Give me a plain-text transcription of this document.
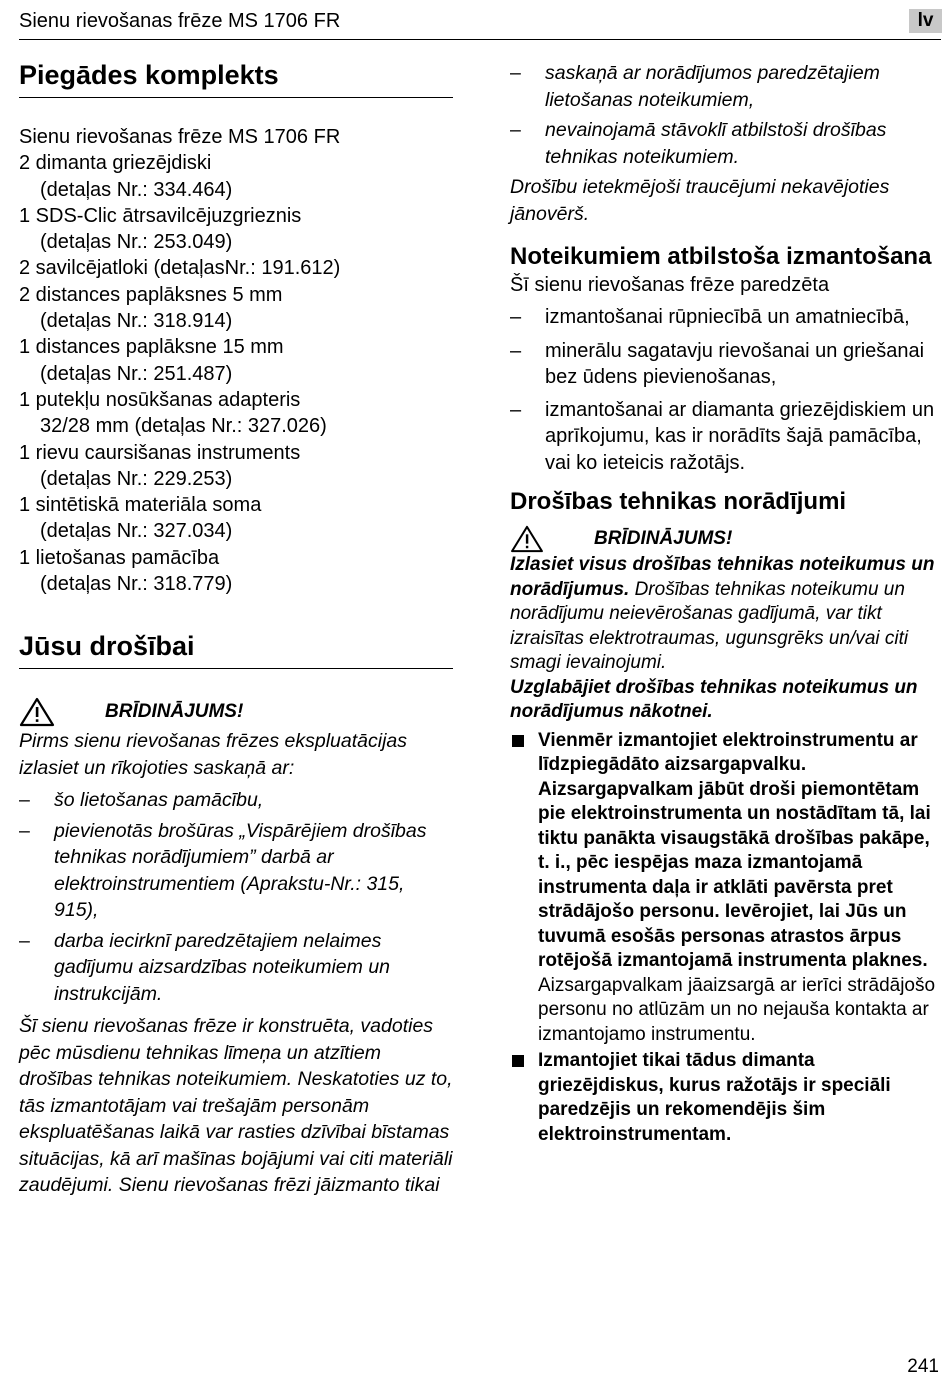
Sienu rievošanas frēze MS 1706 FR	lv
Piegādes komplekts
Sienu rievošanas frēze MS 1706 FR
2 dimanta griezējdiski
(detaļas Nr.: 334.464)
1 SDS-Clic ātrsavilcējuzgrieznis
(detaļas Nr.: 253.049)
2 savilcējatloki (detaļasNr.: 191.612)
2 distances paplāksnes 5 mm
(detaļas Nr.: 318.914)
1 distances paplāksne 15 mm
(detaļas Nr.: 251.487)
1 putekļu nosūkšanas adapteris
32/28 mm (detaļas Nr.: 327.026)
1 rievu caursišanas instruments
(detaļas Nr.: 229.253)
1 sintētiskā materiāla soma
(detaļas Nr.: 327.034)
1 lietošanas pamācība
(detaļas Nr.: 318.779)
Jūsu drošībai
BRĪDINĀJUMS!
Pirms sienu rievošanas frēzes ekspluatācijas izlasiet un rīkojoties saskaņā ar:
– šo lietošanas pamācību,
– pievienotās brošūras „Vispārējiem drošības tehnikas norādījumiem” darbā ar elektroinstrumentiem (Aprakstu-Nr.: 315, 915),
– darba iecirknī paredzētajiem nelaimes gadījumu aizsardzības noteikumiem un instrukcijām.
Šī sienu rievošanas frēze ir konstruēta, vadoties pēc mūsdienu tehnikas līmeņa un atzītiem drošības tehnikas noteikumiem. Neskatoties uz to, tās izmantotājam vai trešajām personām ekspluatēšanas laikā var rasties dzīvībai bīstamas situācijas, kā arī mašīnas bojājumi vai citi materiāli zaudējumi. Sienu rievošanas frēzi jāizmanto tikai
– saskaņā ar norādījumos paredzētajiem lietošanas noteikumiem,
– nevainojamā stāvoklī atbilstoši drošības tehnikas noteikumiem.
Drošību ietekmējoši traucējumi nekavējoties jānovērš.
Noteikumiem atbilstoša izmantošana
Šī sienu rievošanas frēze paredzēta
– izmantošanai rūpniecībā un amatniecībā,
– minerālu sagatavju rievošanai un griešanai bez ūdens pievienošanas,
– izmantošanai ar diamanta griezējdiskiem un aprīkojumu, kas ir norādīts šajā pamācība, vai ko ieteicis ražotājs.
Drošības tehnikas norādījumi
BRĪDINĀJUMS!
Izlasiet visus drošības tehnikas noteikumus un norādījumus. Drošības tehnikas noteikumu un norādījumu neievērošanas gadījumā, var tikt izraisītas elektrotraumas, ugunsgrēks un/vai citi smagi ievainojumi.
Uzglabājiet drošības tehnikas noteikumus un norādījumus nākotnei.
Vienmēr izmantojiet elektroinstrumentu ar līdzpiegādāto aizsargapvalku. Aizsargapvalkam jābūt droši piemontētam pie elektroinstrumenta un nostādītam tā, lai tiktu panākta visaugstākā drošības pakāpe, t. i., pēc iespējas maza izmantojamā instrumenta daļa ir atklāti pavērsta pret strādājošo personu. Ievērojiet, lai Jūs un tuvumā esošās personas atrastos ārpus rotējošā izmantojamā instrumenta plaknes.
Aizsargapvalkam jāaizsargā ar ierīci strādājošo personu no atlūzām un no nejauša kontakta ar izmantojamo instrumentu.
Izmantojiet tikai tādus dimanta griezējdiskus, kurus ražotājs ir speciāli paredzējis un rekomendējis šim elektroinstrumentam.
241
